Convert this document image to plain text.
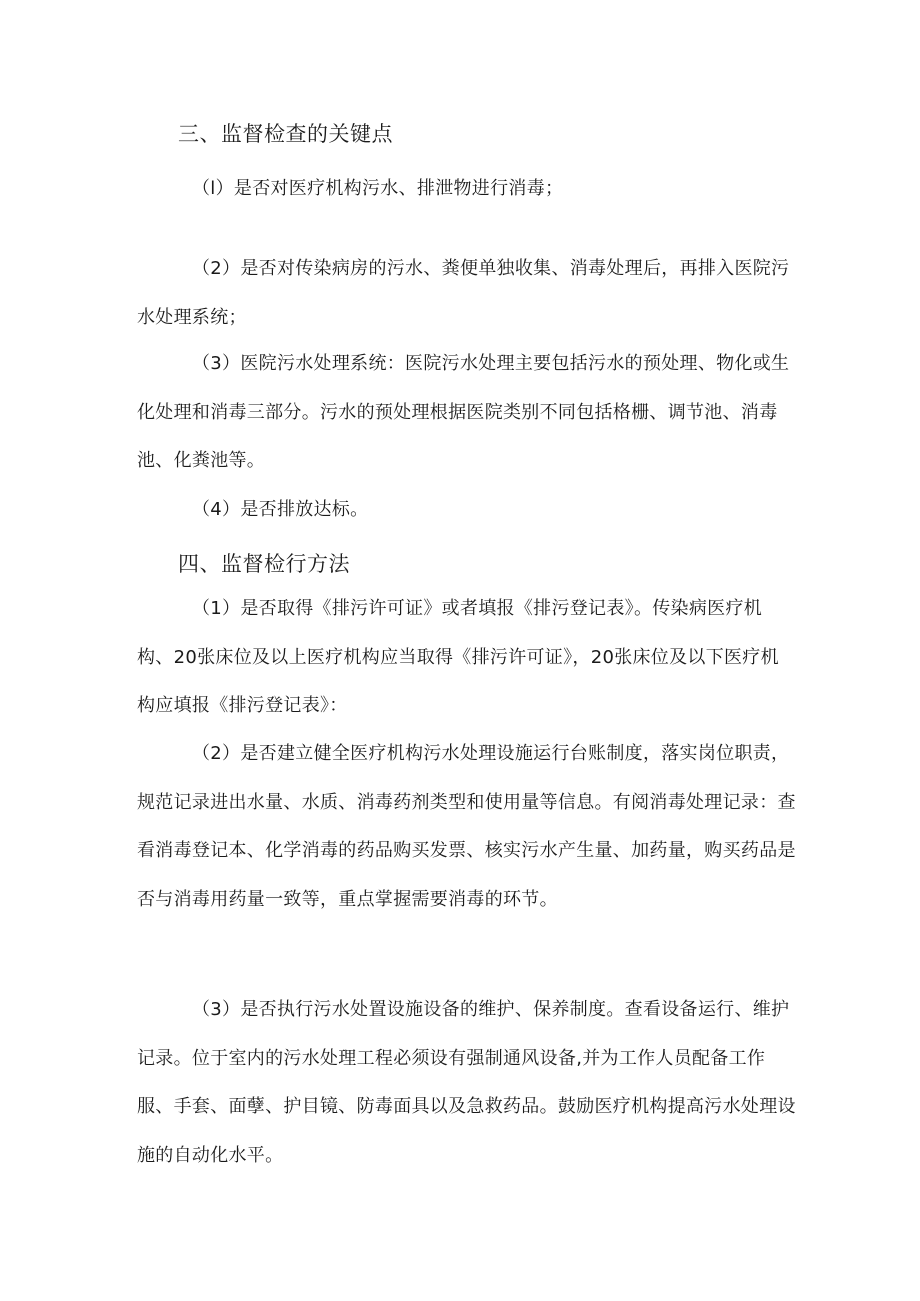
三、监督检查的关键点

（l）是否对医疗机构污水、排泄物进行消毒；

（2）是否对传染病房的污水、粪便单独收集、消毒处理后，再排入医院污水处理系统；

（3）医院污水处理系统：医院污水处理主要包括污水的预处理、物化或生化处理和消毒三部分。污水的预处理根据医院类别不同包括格栅、调节池、消毒池、化粪池等。

（4）是否排放达标。

四、监督检行方法

（1）是否取得《排污许可证》或者填报《排污登记表》。传染病医疗机构、20张床位及以上医疗机构应当取得《排污许可证》，20张床位及以下医疗机构应填报《排污登记表》：

（2）是否建立健全医疗机构污水处理设施运行台账制度，落实岗位职责，规范记录进出水量、水质、消毒药剂类型和使用量等信息。有阅消毒处理记录：查看消毒登记本、化学消毒的药品购买发票、核实污水产生量、加药量，购买药品是否与消毒用药量一致等，重点掌握需要消毒的环节。

（3）是否执行污水处置设施设备的维护、保养制度。查看设备运行、维护记录。位于室内的污水处理工程必须设有强制通风设备,并为工作人员配备工作服、手套、面孽、护目镜、防毒面具以及急救药品。鼓励医疗机构提高污水处理设施的自动化水平。
